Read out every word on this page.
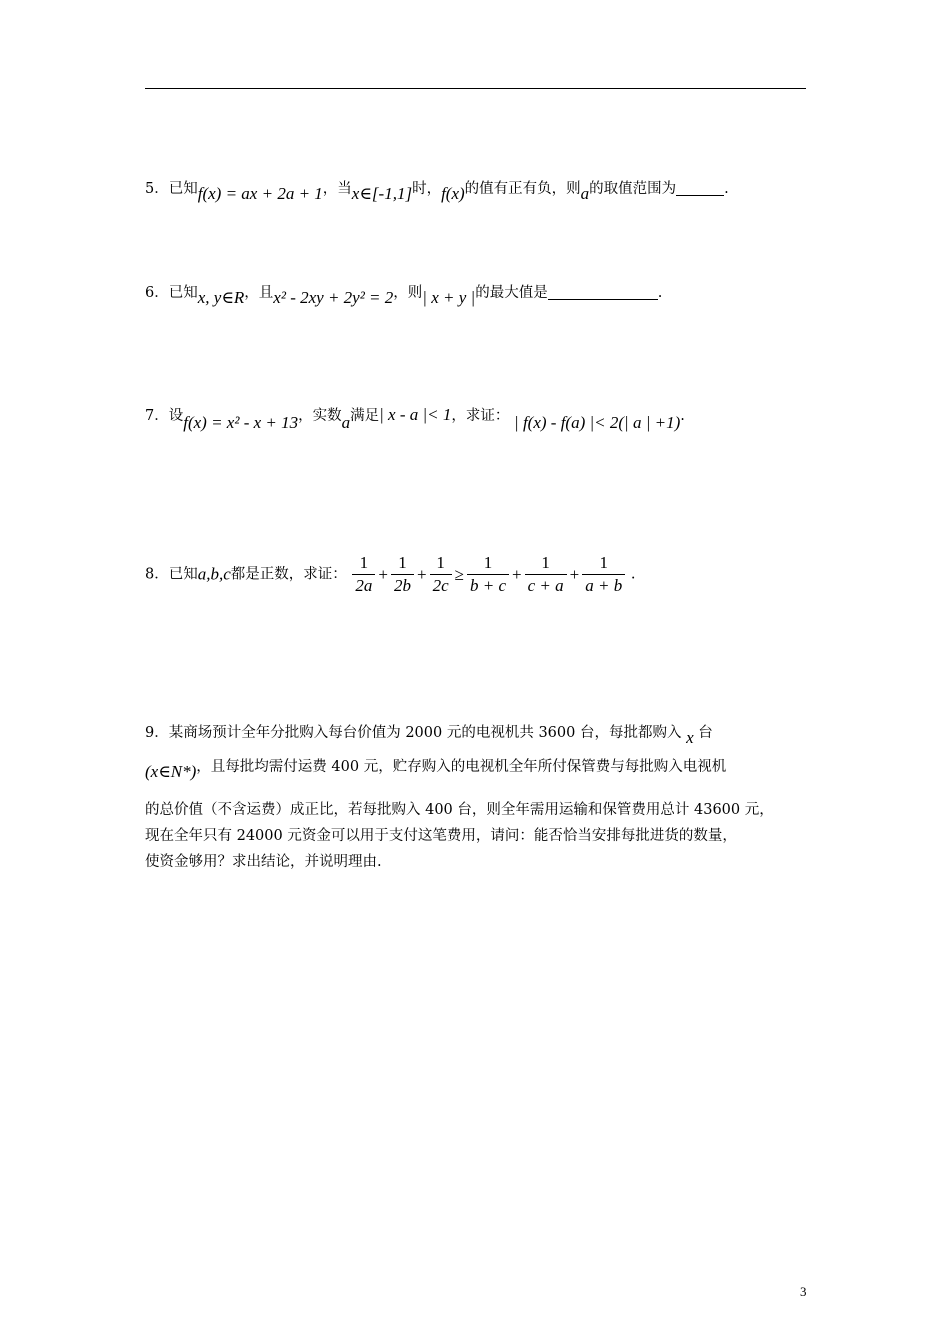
5．已知f(x) = ax + 2a + 1，当x∈[-1,1]时，f(x)的值有正有负，则a的取值范围为	.
6．已知x, y∈R，且x² - 2xy + 2y² = 2，则| x + y |的最大值是	.
7．设f(x) = x² - x + 13，实数a满足| x - a |< 1，求证： | f(x) - f(a) |< 2(| a | +1).
8．已知a,b,c都是正数，求证： $\frac{1}{2a} + \frac{1}{2b} + \frac{1}{2c} \ge \frac{1}{b + c} + \frac{1}{c + a} + \frac{1}{a + b}$ .
9．某商场预计全年分批购入每台价值为 2000 元的电视机共 3600 台，每批都购入 x 台
(x∈N*)，且每批均需付运费 400 元，贮存购入的电视机全年所付保管费与每批购入电视机
的总价值（不含运费）成正比，若每批购入 400 台，则全年需用运输和保管费用总计 43600 元，
现在全年只有 24000 元资金可以用于支付这笔费用，请问：能否恰当安排每批进货的数量，
使资金够用？求出结论，并说明理由.
3
